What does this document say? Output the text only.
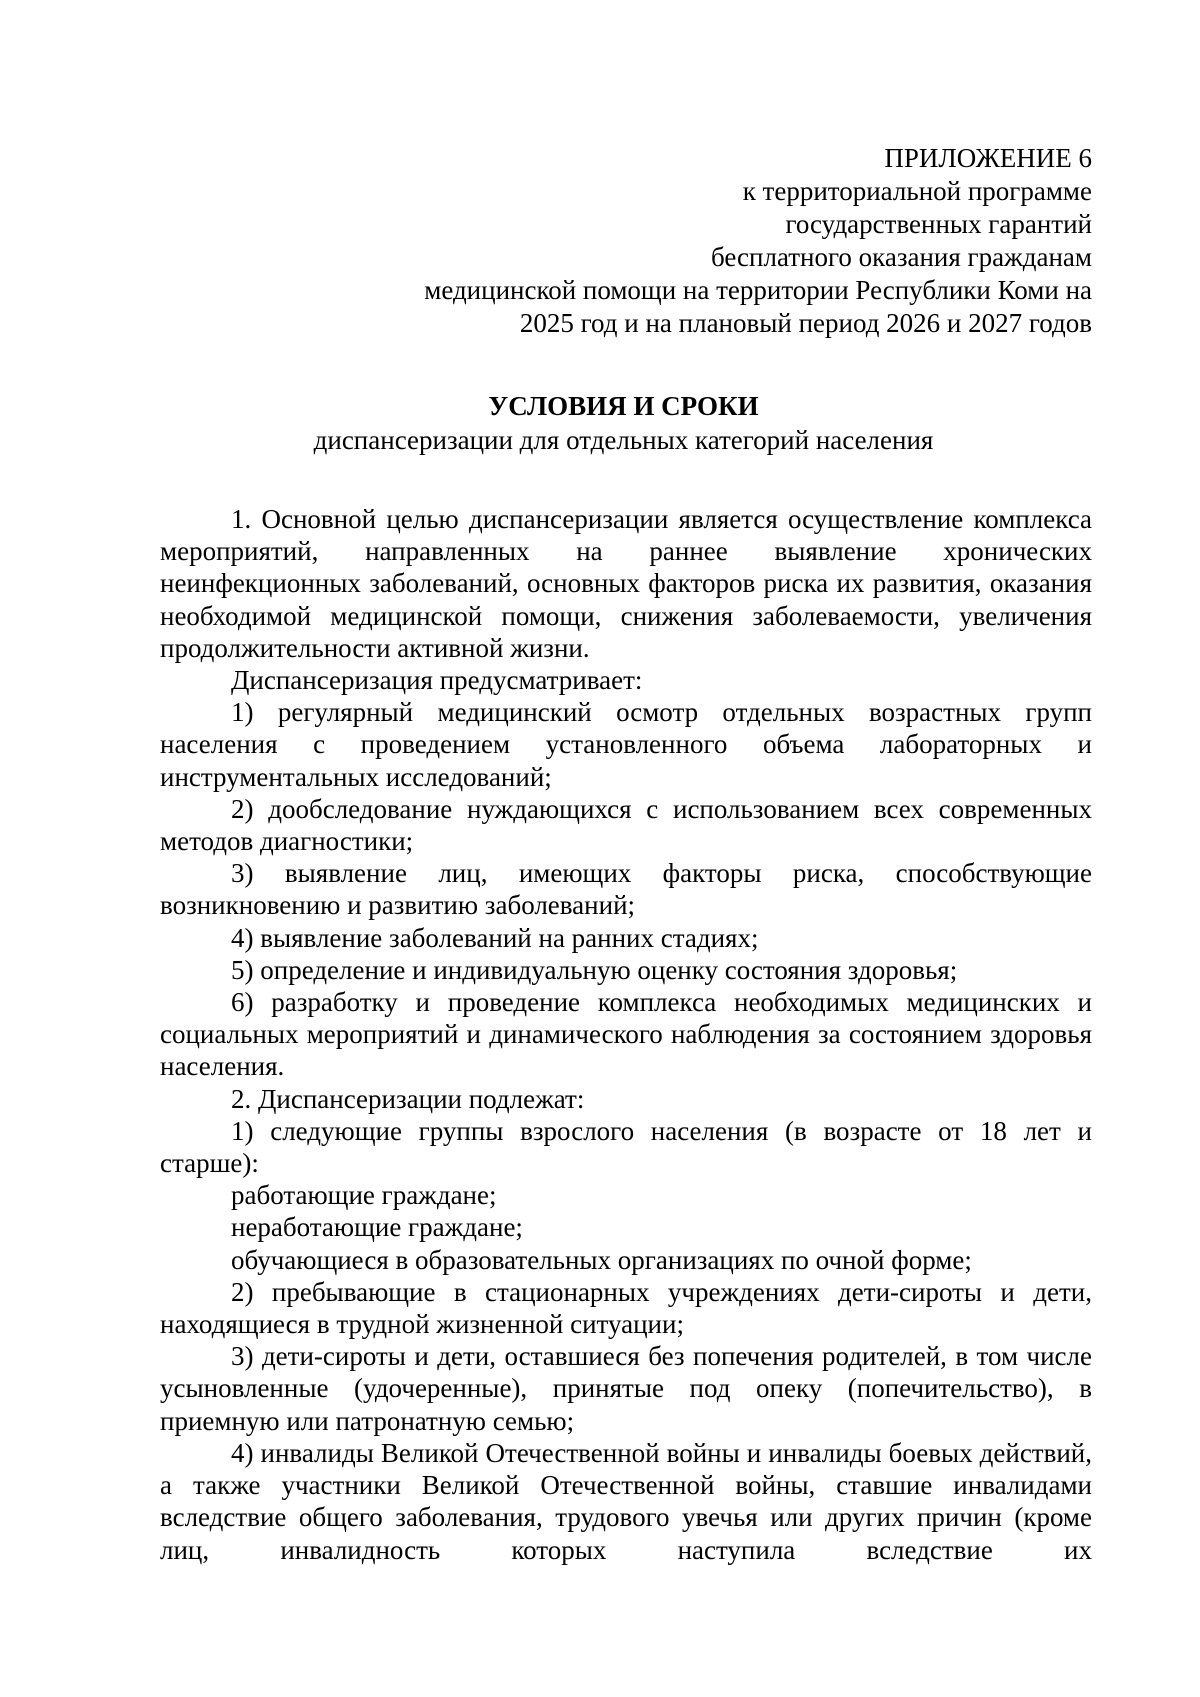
ПРИЛОЖЕНИЕ 6
к территориальной программе
государственных гарантий
бесплатного оказания гражданам
медицинской помощи на территории Республики Коми на
2025 год и на плановый период 2026 и 2027 годов
УСЛОВИЯ И СРОКИ
диспансеризации для отдельных категорий населения

1. Основной целью диспансеризации является осуществление комплекса мероприятий, направленных на раннее выявление хронических неинфекционных заболеваний, основных факторов риска их развития, оказания необходимой медицинской помощи, снижения заболеваемости, увеличения продолжительности активной жизни.

Диспансеризация предусматривает:

1) регулярный медицинский осмотр отдельных возрастных групп населения с проведением установленного объема лабораторных и инструментальных исследований;

2) дообследование нуждающихся с использованием всех современных методов диагностики;

3) выявление лиц, имеющих факторы риска, способствующие возникновению и развитию заболеваний;

4) выявление заболеваний на ранних стадиях;

5) определение и индивидуальную оценку состояния здоровья;

6) разработку и проведение комплекса необходимых медицинских и социальных мероприятий и динамического наблюдения за состоянием здоровья населения.

2. Диспансеризации подлежат:

1) следующие группы взрослого населения (в возрасте от 18 лет и старше):

работающие граждане;

неработающие граждане;

обучающиеся в образовательных организациях по очной форме;

2) пребывающие в стационарных учреждениях дети-сироты и дети, находящиеся в трудной жизненной ситуации;

3) дети-сироты и дети, оставшиеся без попечения родителей, в том числе усыновленные (удочеренные), принятые под опеку (попечительство), в приемную или патронатную семью;

4) инвалиды Великой Отечественной войны и инвалиды боевых действий, а также участники Великой Отечественной войны, ставшие инвалидами вследствие общего заболевания, трудового увечья или других причин (кроме лиц, инвалидность которых наступила вследствие их
